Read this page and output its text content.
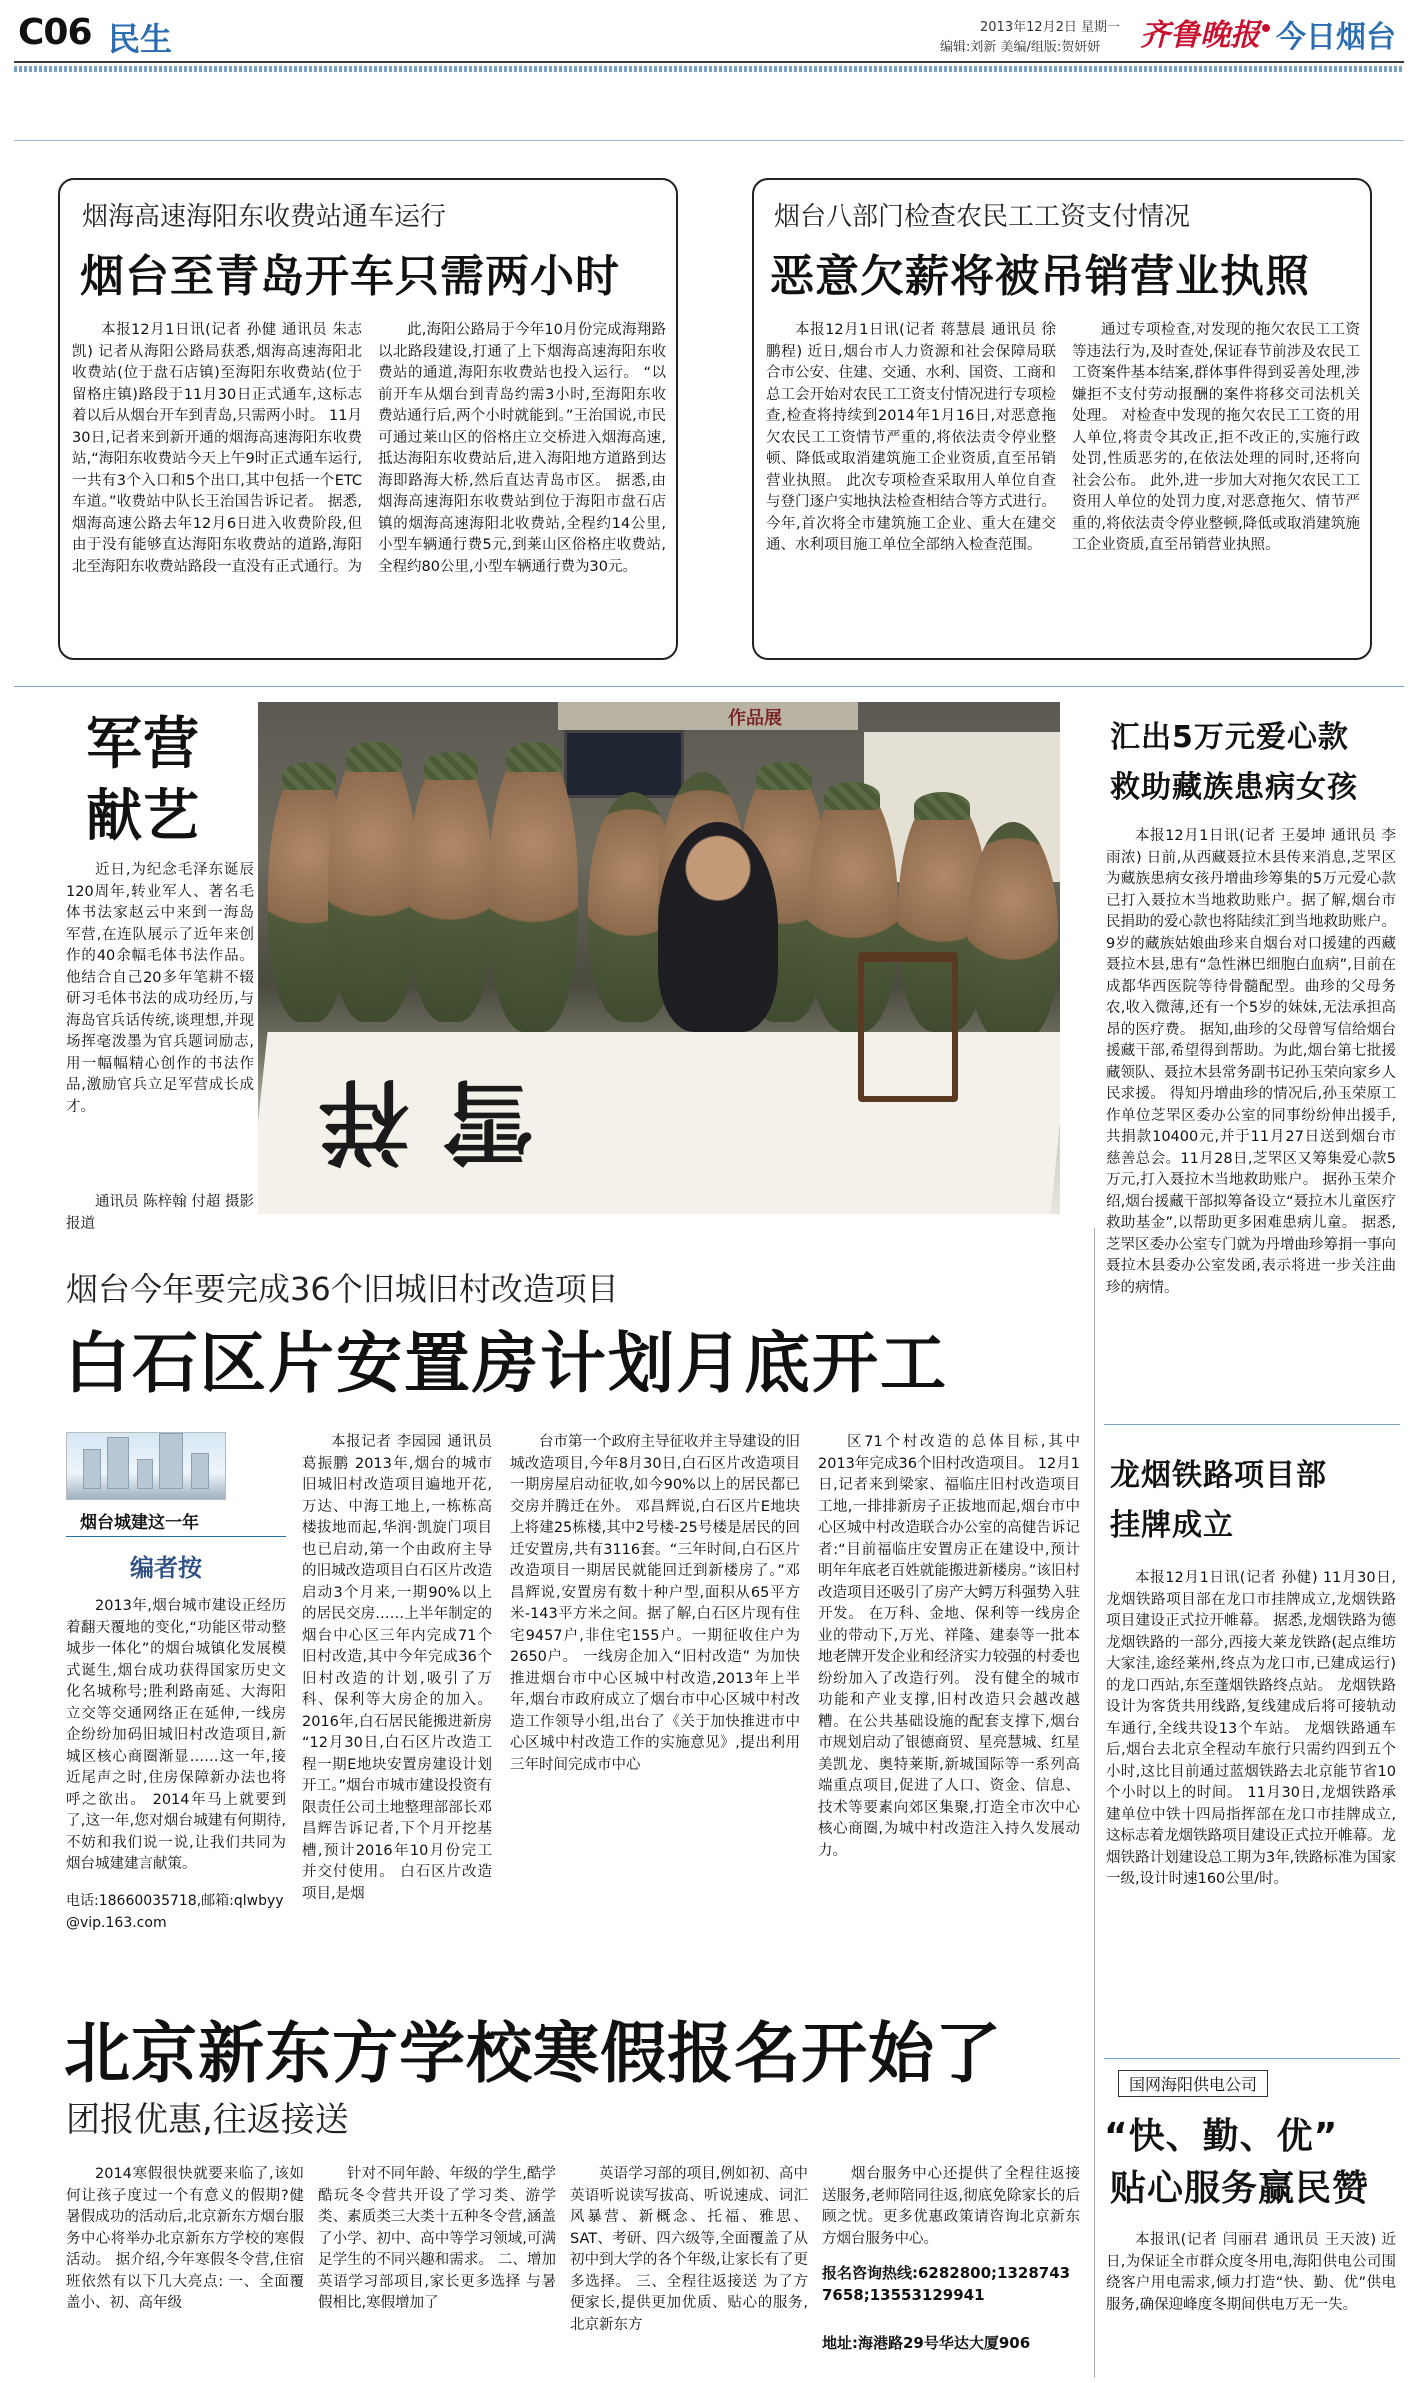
C06 民生	2013年12月2日 星期一
编辑:刘新 美编/组版:贺妍妍 齐鲁晚报 今日烟台
烟海高速海阳东收费站通车运行
烟台至青岛开车只需两小时
本报12月1日讯(记者 孙健 通讯员 朱志凯) 记者从海阳公路局获悉,烟海高速海阳北收费站(位于盘石店镇)至海阳东收费站(位于留格庄镇)路段于11月30日正式通车,这标志着以后从烟台开车到青岛,只需两小时。 11月30日,记者来到新开通的烟海高速海阳东收费站,“海阳东收费站今天上午9时正式通车运行,一共有3个入口和5个出口,其中包括一个ETC车道。”收费站中队长王治国告诉记者。 据悉,烟海高速公路去年12月6日进入收费阶段,但由于没有能够直达海阳东收费站的道路,海阳北至海阳东收费站路段一直没有正式通行。为
此,海阳公路局于今年10月份完成海翔路以北路段建设,打通了上下烟海高速海阳东收费站的通道,海阳东收费站也投入运行。 “以前开车从烟台到青岛约需3小时,至海阳东收费站通行后,两个小时就能到。”王治国说,市民可通过莱山区的俗格庄立交桥进入烟海高速,抵达海阳东收费站后,进入海阳地方道路到达海即路海大桥,然后直达青岛市区。 据悉,由烟海高速海阳东收费站到位于海阳市盘石店镇的烟海高速海阳北收费站,全程约14公里,小型车辆通行费5元,到莱山区俗格庄收费站,全程约80公里,小型车辆通行费为30元。
烟台八部门检查农民工工资支付情况
恶意欠薪将被吊销营业执照
本报12月1日讯(记者 蒋慧晨 通讯员 徐鹏程) 近日,烟台市人力资源和社会保障局联合市公安、住建、交通、水利、国资、工商和总工会开始对农民工工资支付情况进行专项检查,检查将持续到2014年1月16日,对恶意拖欠农民工工资情节严重的,将依法责令停业整顿、降低或取消建筑施工企业资质,直至吊销营业执照。 此次专项检查采取用人单位自查与登门逐户实地执法检查相结合等方式进行。今年,首次将全市建筑施工企业、重大在建交通、水利项目施工单位全部纳入检查范围。
通过专项检查,对发现的拖欠农民工工资等违法行为,及时查处,保证春节前涉及农民工工资案件基本结案,群体事件得到妥善处理,涉嫌拒不支付劳动报酬的案件将移交司法机关处理。 对检查中发现的拖欠农民工工资的用人单位,将责令其改正,拒不改正的,实施行政处罚,性质恶劣的,在依法处理的同时,还将向社会公布。 此外,进一步加大对拖欠农民工工资用人单位的处罚力度,对恶意拖欠、情节严重的,将依法责令停业整顿,降低或取消建筑施工企业资质,直至吊销营业执照。
军营
献艺
近日,为纪念毛泽东诞辰120周年,转业军人、著名毛体书法家赵云中来到一海岛军营,在连队展示了近年来创作的40余幅毛体书法作品。他结合自己20多年笔耕不辍研习毛体书法的成功经历,与海岛官兵话传统,谈理想,并现场挥毫泼墨为官兵题词励志,用一幅幅精心创作的书法作品,激励官兵立足军营成长成才。
通讯员 陈梓翰 付超 摄影报道
作品展
雪 祥
汇出5万元爱心款
救助藏族患病女孩
本报12月1日讯(记者 王晏坤 通讯员 李雨浓) 日前,从西藏聂拉木县传来消息,芝罘区为藏族患病女孩丹增曲珍筹集的5万元爱心款已打入聂拉木当地救助账户。据了解,烟台市民捐助的爱心款也将陆续汇到当地救助账户。 9岁的藏族姑娘曲珍来自烟台对口援建的西藏聂拉木县,患有“急性淋巴细胞白血病”,目前在成都华西医院等待骨髓配型。曲珍的父母务农,收入微薄,还有一个5岁的妹妹,无法承担高昂的医疗费。 据知,曲珍的父母曾写信给烟台援藏干部,希望得到帮助。为此,烟台第七批援藏领队、聂拉木县常务副书记孙玉荣向家乡人民求援。 得知丹增曲珍的情况后,孙玉荣原工作单位芝罘区委办公室的同事纷纷伸出援手,共捐款10400元,并于11月27日送到烟台市慈善总会。11月28日,芝罘区又筹集爱心款5万元,打入聂拉木当地救助账户。 据孙玉荣介绍,烟台援藏干部拟筹备设立“聂拉木儿童医疗救助基金”,以帮助更多困难患病儿童。 据悉,芝罘区委办公室专门就为丹增曲珍筹捐一事向聂拉木县委办公室发函,表示将进一步关注曲珍的病情。
龙烟铁路项目部
挂牌成立
本报12月1日讯(记者 孙健) 11月30日,龙烟铁路项目部在龙口市挂牌成立,龙烟铁路项目建设正式拉开帷幕。 据悉,龙烟铁路为德龙烟铁路的一部分,西接大莱龙铁路(起点维坊大家洼,途经莱州,终点为龙口市,已建成运行)的龙口西站,东至蓬烟铁路终点站。 龙烟铁路设计为客货共用线路,复线建成后将可接轨动车通行,全线共设13个车站。 龙烟铁路通车后,烟台去北京全程动车旅行只需约四到五个小时,这比目前通过蓝烟铁路去北京能节省10个小时以上的时间。 11月30日,龙烟铁路承建单位中铁十四局指挥部在龙口市挂牌成立,这标志着龙烟铁路项目建设正式拉开帷幕。龙烟铁路计划建设总工期为3年,铁路标准为国家一级,设计时速160公里/时。
国网海阳供电公司
“快、勤、优”
贴心服务赢民赞
本报讯(记者 闫丽君 通讯员 王天波) 近日,为保证全市群众度冬用电,海阳供电公司围绕客户用电需求,倾力打造“快、勤、优”供电服务,确保迎峰度冬期间供电万无一失。
烟台今年要完成36个旧城旧村改造项目
白石区片安置房计划月底开工
烟台城建这一年
编者按
2013年,烟台城市建设正经历着翻天覆地的变化,“功能区带动整城步一体化”的烟台城镇化发展模式诞生,烟台成功获得国家历史文化名城称号;胜利路南延、大海阳立交等交通网络正在延伸,一线房企纷纷加码旧城旧村改造项目,新城区核心商圈渐显……这一年,接近尾声之时,住房保障新办法也将呼之欲出。 2014年马上就要到了,这一年,您对烟台城建有何期待,不妨和我们说一说,让我们共同为烟台城建建言献策。
电话:18660035718,邮箱:qlwbyy@vip.163.com
本报记者 李园园 通讯员 葛振鹏 2013年,烟台的城市旧城旧村改造项目遍地开花,万达、中海工地上,一栋栋高楼拔地而起,华润·凯旋门项目也已启动,第一个由政府主导的旧城改造项目白石区片改造启动3个月来,一期90%以上的居民交房……上半年制定的烟台中心区三年内完成71个旧村改造,其中今年完成36个旧村改造的计划,吸引了万科、保利等大房企的加入。 2016年,白石居民能搬进新房 “12月30日,白石区片改造工程一期E地块安置房建设计划开工。”烟台市城市建设投资有限责任公司土地整理部部长邓昌辉告诉记者,下个月开挖基槽,预计2016年10月份完工并交付使用。 白石区片改造项目,是烟
台市第一个政府主导征收并主导建设的旧城改造项目,今年8月30日,白石区片改造项目一期房屋启动征收,如今90%以上的居民都已交房并腾迁在外。 邓昌辉说,白石区片E地块上将建25栋楼,其中2号楼-25号楼是居民的回迁安置房,共有3116套。“三年时间,白石区片改造项目一期居民就能回迁到新楼房了。”邓昌辉说,安置房有数十种户型,面积从65平方米-143平方米之间。据了解,白石区片现有住宅9457户,非住宅155户。一期征收住户为2650户。 一线房企加入“旧村改造” 为加快推进烟台市中心区城中村改造,2013年上半年,烟台市政府成立了烟台市中心区城中村改造工作领导小组,出台了《关于加快推进市中心区城中村改造工作的实施意见》,提出利用三年时间完成市中心
区71个村改造的总体目标,其中2013年完成36个旧村改造项目。 12月1日,记者来到梁家、福临庄旧村改造项目工地,一排排新房子正拔地而起,烟台市中心区城中村改造联合办公室的高健告诉记者:“目前福临庄安置房正在建设中,预计明年年底老百姓就能搬进新楼房。”该旧村改造项目还吸引了房产大鳄万科强势入驻开发。 在万科、金地、保利等一线房企业的带动下,万光、祥隆、建泰等一批本地老牌开发企业和经济实力较强的村委也纷纷加入了改造行列。 没有健全的城市功能和产业支撑,旧村改造只会越改越糟。在公共基础设施的配套支撑下,烟台市规划启动了银德商贸、星亮慧城、红星美凯龙、奥特莱斯,新城国际等一系列高端重点项目,促进了人口、资金、信息、技术等要素向郊区集聚,打造全市次中心核心商圈,为城中村改造注入持久发展动力。
北京新东方学校寒假报名开始了
团报优惠,往返接送
2014寒假很快就要来临了,该如何让孩子度过一个有意义的假期?健暑假成功的活动后,北京新东方烟台服务中心将举办北京新东方学校的寒假活动。 据介绍,今年寒假冬令营,住宿班依然有以下几大亮点: 一、全面覆盖小、初、高年级
针对不同年龄、年级的学生,酷学酷玩冬令营共开设了学习类、游学类、素质类三大类十五种冬令营,涵盖了小学、初中、高中等学习领域,可满足学生的不同兴趣和需求。 二、增加英语学习部项目,家长更多选择 与暑假相比,寒假增加了
英语学习部的项目,例如初、高中英语听说读写拔高、听说速成、词汇风暴营、新概念、托福、雅思、SAT、考研、四六级等,全面覆盖了从初中到大学的各个年级,让家长有了更多选择。 三、全程往返接送 为了方便家长,提供更加优质、贴心的服务,北京新东方
烟台服务中心还提供了全程往返接送服务,老师陪同往返,彻底免除家长的后顾之忧。更多优惠政策请咨询北京新东方烟台服务中心。
报名咨询热线:6282800;13287437658;13553129941
地址:海港路29号华达大厦906
